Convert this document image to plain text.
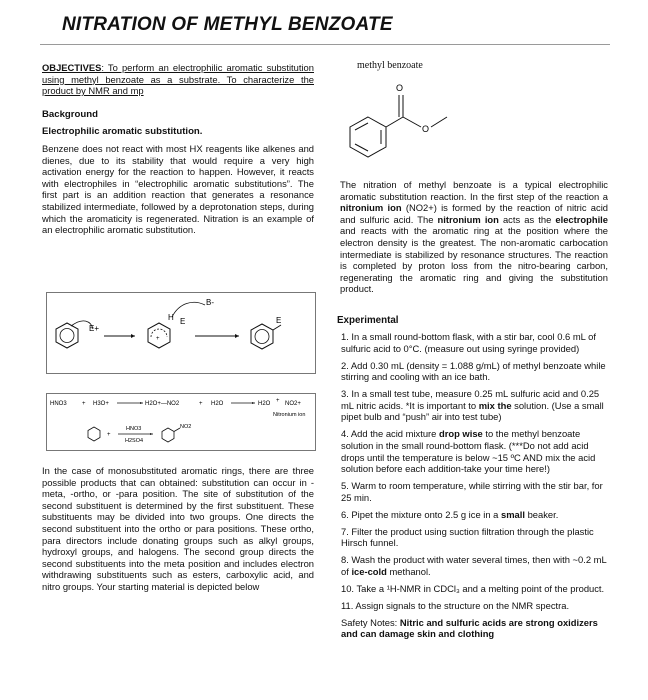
NITRATION OF METHYL BENZOATE

OBJECTIVES: To perform an electrophilic aromatic substitution using methyl benzoate as a substrate. To characterize the product by NMR and mp

Background
Electrophilic aromatic substitution.

Benzene does not react with most HX reagents like alkenes and dienes, due to its stability that would require a very high activation energy for the reaction to happen. However, it reacts with electrophiles in “electrophilic aromatic substitutions”. The first part is an addition reaction that generates a resonance stabilized intermediate, followed by a deprotonation steps, during which the aromaticity is regenerated. Nitration is an example of an electrophilic aromatic substitution.

E+
+
H E
B-
E
HNO3	+ H3O+	H2O+—NO2	+ H2O	H2O + NO2+
Nitronium ion
+
HNO3
H2SO4
NO2

In the case of monosubstituted aromatic rings, there are three possible products that can obtained: substitution can occur in -meta, -ortho, or -para position. The site of substitution of the second substituent is determined by the first substituent. These substituents may be divided into two groups. One directs the second substituent into the ortho or para positions. These ortho, para directors include donating groups such as alkyl groups, hydroxyl groups, and halogens. The second group directs the second substituents into the meta position and includes electron withdrawing substituents such as esters, carboxylic acid, and nitro groups. Your starting material is depicted below

methyl benzoate
O
O

The nitration of methyl benzoate is a typical electrophilic aromatic substitution reaction. In the first step of the reaction a nitronium ion (NO2+) is formed by the reaction of nitric acid and sulfuric acid. The nitronium ion acts as the electrophile and reacts with the aromatic ring at the position where the electron density is the greatest. The non-aromatic carbocation intermediate is stabilized by resonance structures. The reaction is completed by proton loss from the nitro-bearing carbon, regenerating the aromatic ring and giving the substitution product.

Experimental

1. In a small round-bottom flask, with a stir bar, cool 0.6 mL of sulfuric acid to 0°C. (measure out using syringe provided)

2. Add 0.30 mL (density = 1.088 g/mL) of methyl benzoate while stirring and cooling with an ice bath.

3. In a small test tube, measure 0.25 mL sulfuric acid and 0.25 mL nitric acids. *It is important to mix the solution. (Use a small pipet bulb and “push” air into test tube)

4. Add the acid mixture drop wise to the methyl benzoate solution in the small round-bottom flask. (***Do not add acid drops until the temperature is below ~15 ºC AND mix the acid solution before each addition-take your time here!)

5. Warm to room temperature, while stirring with the stir bar, for 25 min.

6. Pipet the mixture onto 2.5 g ice in a small beaker.

7. Filter the product using suction filtration through the plastic Hirsch funnel.

8. Wash the product with water several times, then with ~0.2 mL of ice-cold methanol.

10. Take a ¹H-NMR in CDCl₃ and a melting point of the product.

11. Assign signals to the structure on the NMR spectra.

Safety Notes: Nitric and sulfuric acids are strong oxidizers and can damage skin and clothing
